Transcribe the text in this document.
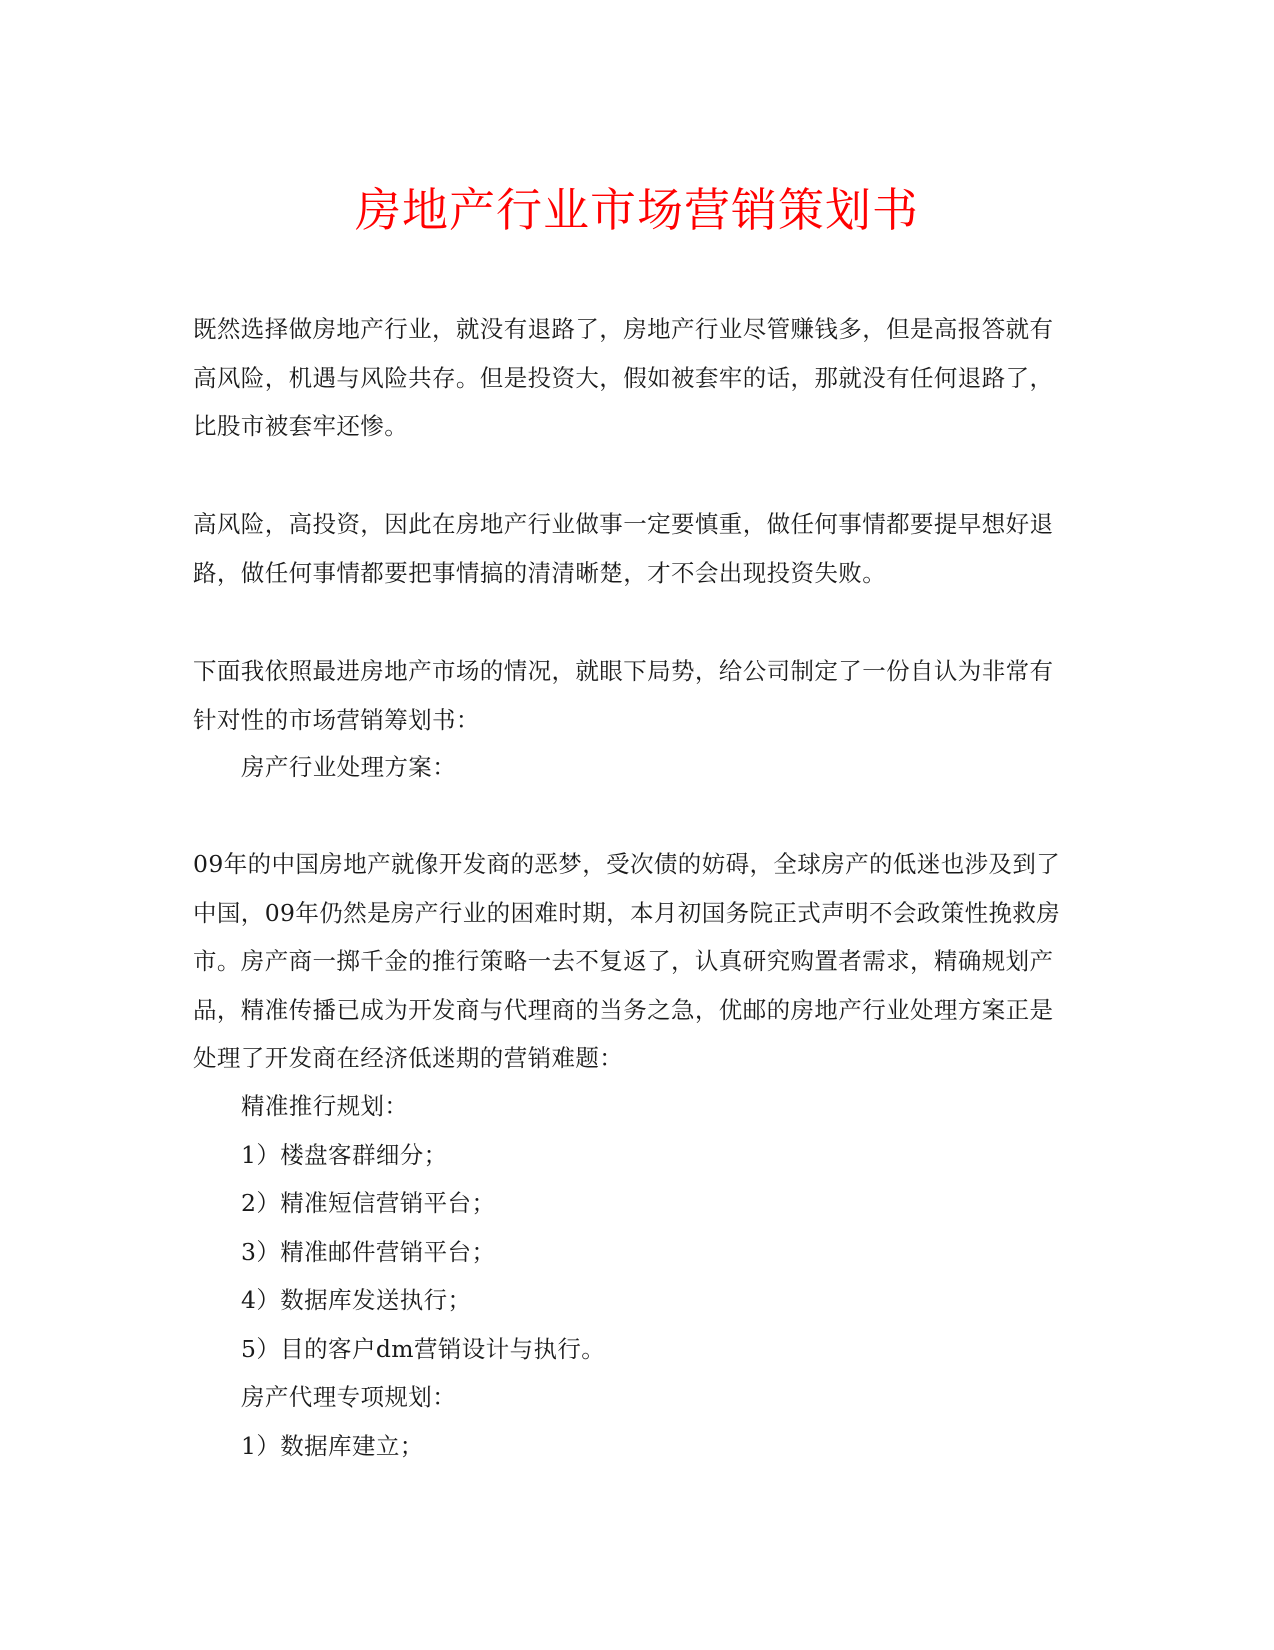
房地产行业市场营销策划书

既然选择做房地产行业，就没有退路了，房地产行业尽管赚钱多，但是高报答就有高风险，机遇与风险共存。但是投资大，假如被套牢的话，那就没有任何退路了，比股市被套牢还惨。

高风险，高投资，因此在房地产行业做事一定要慎重，做任何事情都要提早想好退路，做任何事情都要把事情搞的清清晰楚，才不会出现投资失败。

下面我依照最进房地产市场的情况，就眼下局势，给公司制定了一份自认为非常有针对性的市场营销筹划书：

房产行业处理方案：

09年的中国房地产就像开发商的恶梦，受次债的妨碍，全球房产的低迷也涉及到了中国，09年仍然是房产行业的困难时期，本月初国务院正式声明不会政策性挽救房市。房产商一掷千金的推行策略一去不复返了，认真研究购置者需求，精确规划产品，精准传播已成为开发商与代理商的当务之急，优邮的房地产行业处理方案正是处理了开发商在经济低迷期的营销难题：

精准推行规划：
1）楼盘客群细分；
2）精准短信营销平台；
3）精准邮件营销平台；
4）数据库发送执行；
5）目的客户dm营销设计与执行。
房产代理专项规划：
1）数据库建立；
